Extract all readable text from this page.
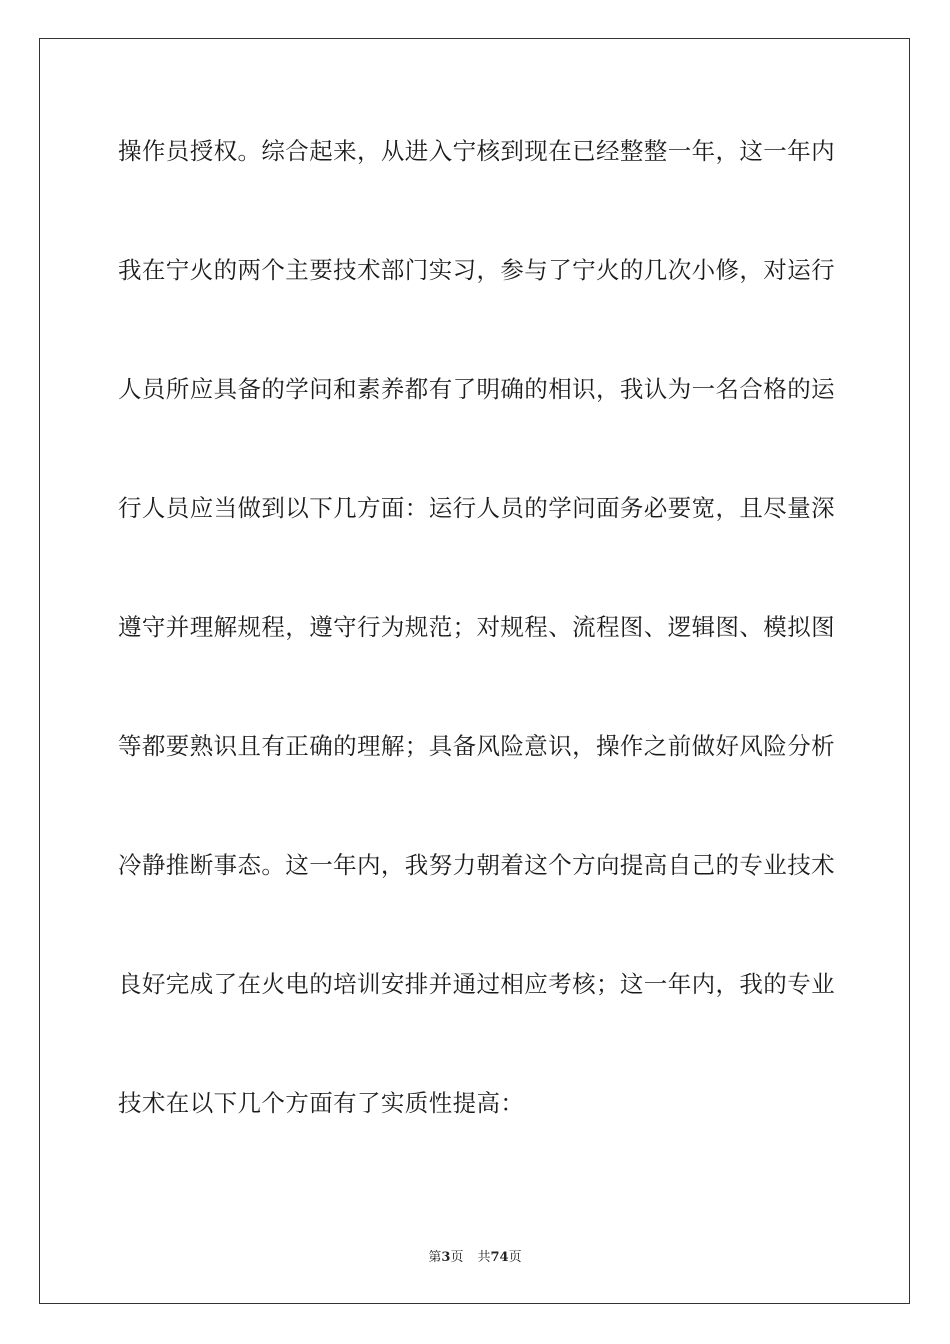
操作员授权。综合起来，从进入宁核到现在已经整整一年，这一年内
我在宁火的两个主要技术部门实习，参与了宁火的几次小修，对运行
人员所应具备的学问和素养都有了明确的相识，我认为一名合格的运
行人员应当做到以下几方面：运行人员的学问面务必要宽，且尽量深
遵守并理解规程，遵守行为规范；对规程、流程图、逻辑图、模拟图
等都要熟识且有正确的理解；具备风险意识，操作之前做好风险分析
冷静推断事态。这一年内，我努力朝着这个方向提高自己的专业技术
良好完成了在火电的培训安排并通过相应考核；这一年内，我的专业
技术在以下几个方面有了实质性提高：
第3页 共74页
